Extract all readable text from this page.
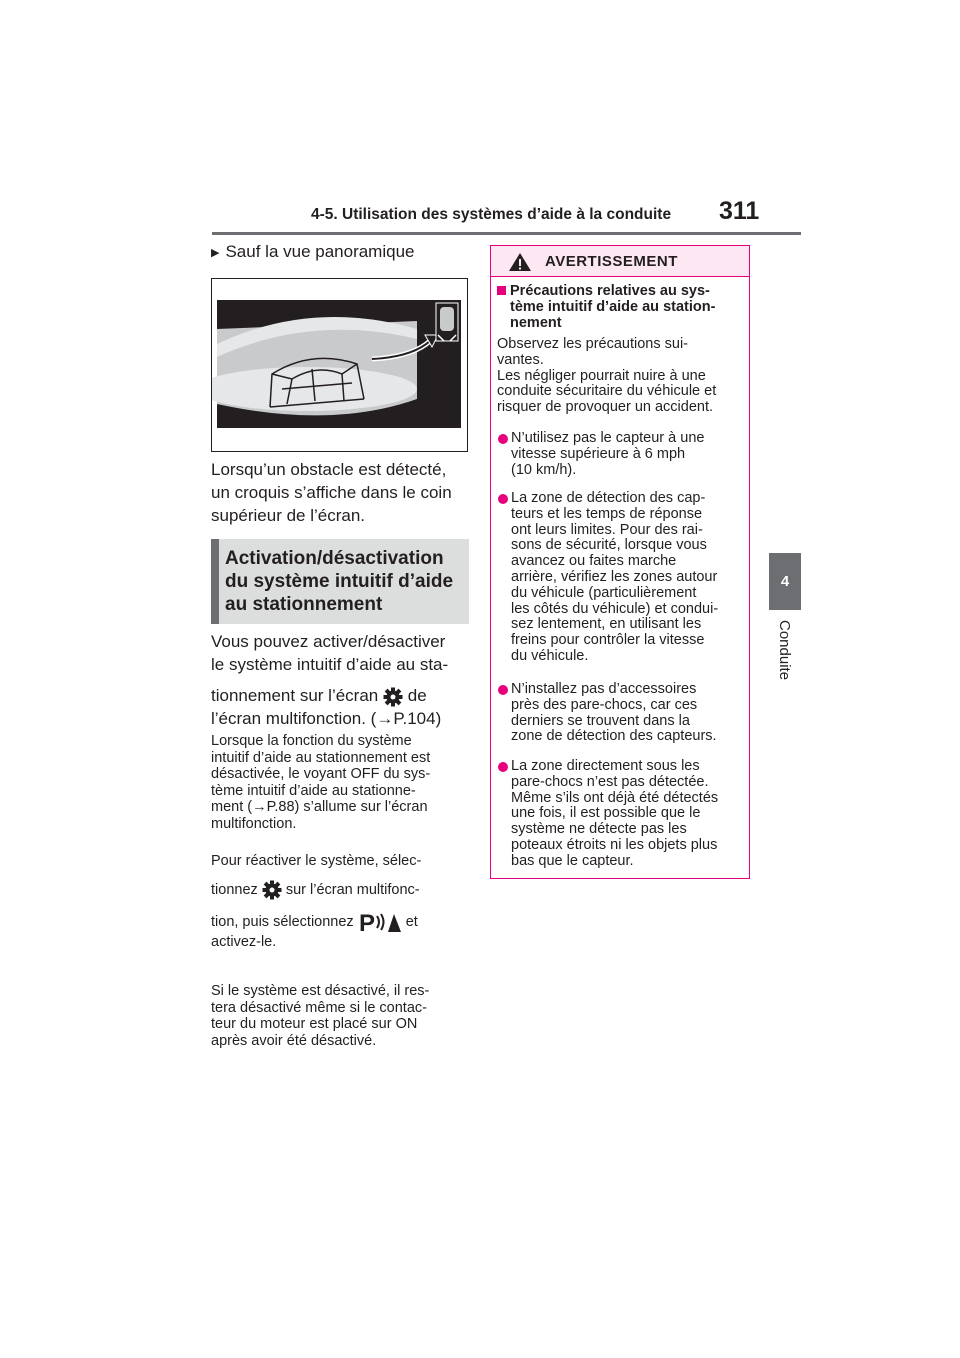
4-5. Utilisation des systèmes d’aide à la conduite 311
4
Conduite
▶ Sauf la vue panoramique
Lorsqu’un obstacle est détecté,
un croquis s’affiche dans le coin
supérieur de l’écran.
Activation/désactivation
du système intuitif d’aide
au stationnement
Vous pouvez activer/désactiver
le système intuitif d’aide au sta-
tionnement sur l’écran de
l’écran multifonction. (→P.104)
Lorsque la fonction du système
intuitif d’aide au stationnement est
désactivée, le voyant OFF du sys-
tème intuitif d’aide au stationne-
ment (→P.88) s’allume sur l’écran
multifonction.
Pour réactiver le système, sélec-
tionnez sur l’écran multifonc-
tion, puis sélectionnez P et
activez-le.
Si le système est désactivé, il res-
tera désactivé même si le contac-
teur du moteur est placé sur ON
après avoir été désactivé.
AVERTISSEMENT
Précautions relatives au sys-
tème intuitif d’aide au station-
nement
Observez les précautions sui-
vantes.
Les négliger pourrait nuire à une
conduite sécuritaire du véhicule et
risquer de provoquer un accident.
N’utilisez pas le capteur à une
vitesse supérieure à 6 mph
(10 km/h).
La zone de détection des cap-
teurs et les temps de réponse
ont leurs limites. Pour des rai-
sons de sécurité, lorsque vous
avancez ou faites marche
arrière, vérifiez les zones autour
du véhicule (particulièrement
les côtés du véhicule) et condui-
sez lentement, en utilisant les
freins pour contrôler la vitesse
du véhicule.
N’installez pas d’accessoires
près des pare-chocs, car ces
derniers se trouvent dans la
zone de détection des capteurs.
La zone directement sous les
pare-chocs n’est pas détectée.
Même s’ils ont déjà été détectés
une fois, il est possible que le
système ne détecte pas les
poteaux étroits ni les objets plus
bas que le capteur.
